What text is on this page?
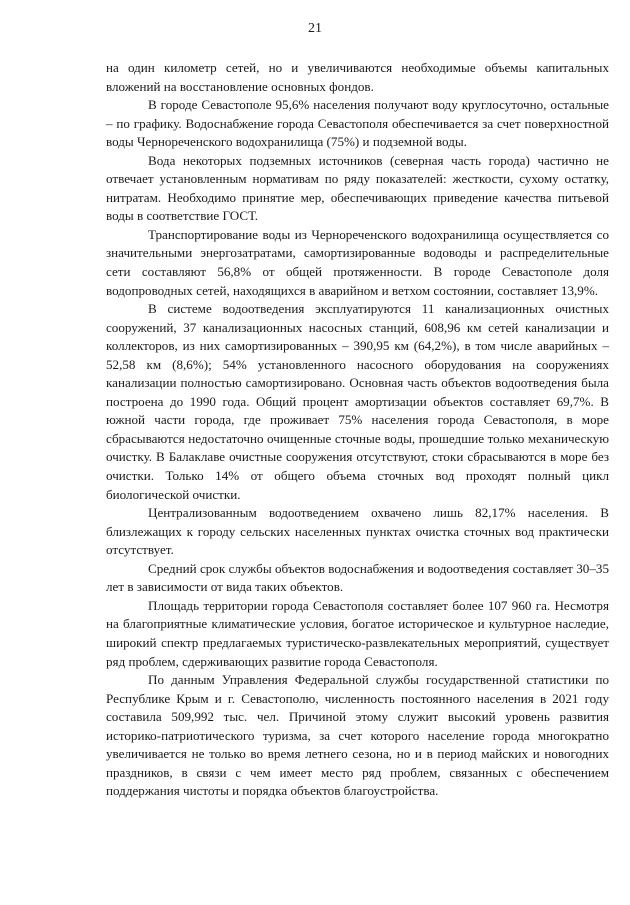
21

на один километр сетей, но и увеличиваются необходимые объемы капитальных вложений на восстановление основных фондов.

В городе Севастополе 95,6% населения получают воду круглосуточно, остальные – по графику. Водоснабжение города Севастополя обеспечивается за счет поверхностной воды Чернореченского водохранилища (75%) и подземной воды.

Вода некоторых подземных источников (северная часть города) частично не отвечает установленным нормативам по ряду показателей: жесткости, сухому остатку, нитратам. Необходимо принятие мер, обеспечивающих приведение качества питьевой воды в соответствие ГОСТ.

Транспортирование воды из Чернореченского водохранилища осуществляется со значительными энергозатратами, самортизированные водоводы и распределительные сети составляют 56,8% от общей протяженности. В городе Севастополе доля водопроводных сетей, находящихся в аварийном и ветхом состоянии, составляет 13,9%.

В системе водоотведения эксплуатируются 11 канализационных очистных сооружений, 37 канализационных насосных станций, 608,96 км сетей канализации и коллекторов, из них самортизированных – 390,95 км (64,2%), в том числе аварийных – 52,58 км (8,6%); 54% установленного насосного оборудования на сооружениях канализации полностью самортизировано. Основная часть объектов водоотведения была построена до 1990 года. Общий процент амортизации объектов составляет 69,7%. В южной части города, где проживает 75% населения города Севастополя, в море сбрасываются недостаточно очищенные сточные воды, прошедшие только механическую очистку. В Балаклаве очистные сооружения отсутствуют, стоки сбрасываются в море без очистки. Только 14% от общего объема сточных вод проходят полный цикл биологической очистки.

Централизованным водоотведением охвачено лишь 82,17% населения. В близлежащих к городу сельских населенных пунктах очистка сточных вод практически отсутствует.

Средний срок службы объектов водоснабжения и водоотведения составляет 30–35 лет в зависимости от вида таких объектов.

Площадь территории города Севастополя составляет более 107 960 га. Несмотря на благоприятные климатические условия, богатое историческое и культурное наследие, широкий спектр предлагаемых туристическо-развлекательных мероприятий, существует ряд проблем, сдерживающих развитие города Севастополя.

По данным Управления Федеральной службы государственной статистики по Республике Крым и г. Севастополю, численность постоянного населения в 2021 году составила 509,992 тыс. чел. Причиной этому служит высокий уровень развития историко-патриотического туризма, за счет которого население города многократно увеличивается не только во время летнего сезона, но и в период майских и новогодних праздников, в связи с чем имеет место ряд проблем, связанных с обеспечением поддержания чистоты и порядка объектов благоустройства.
